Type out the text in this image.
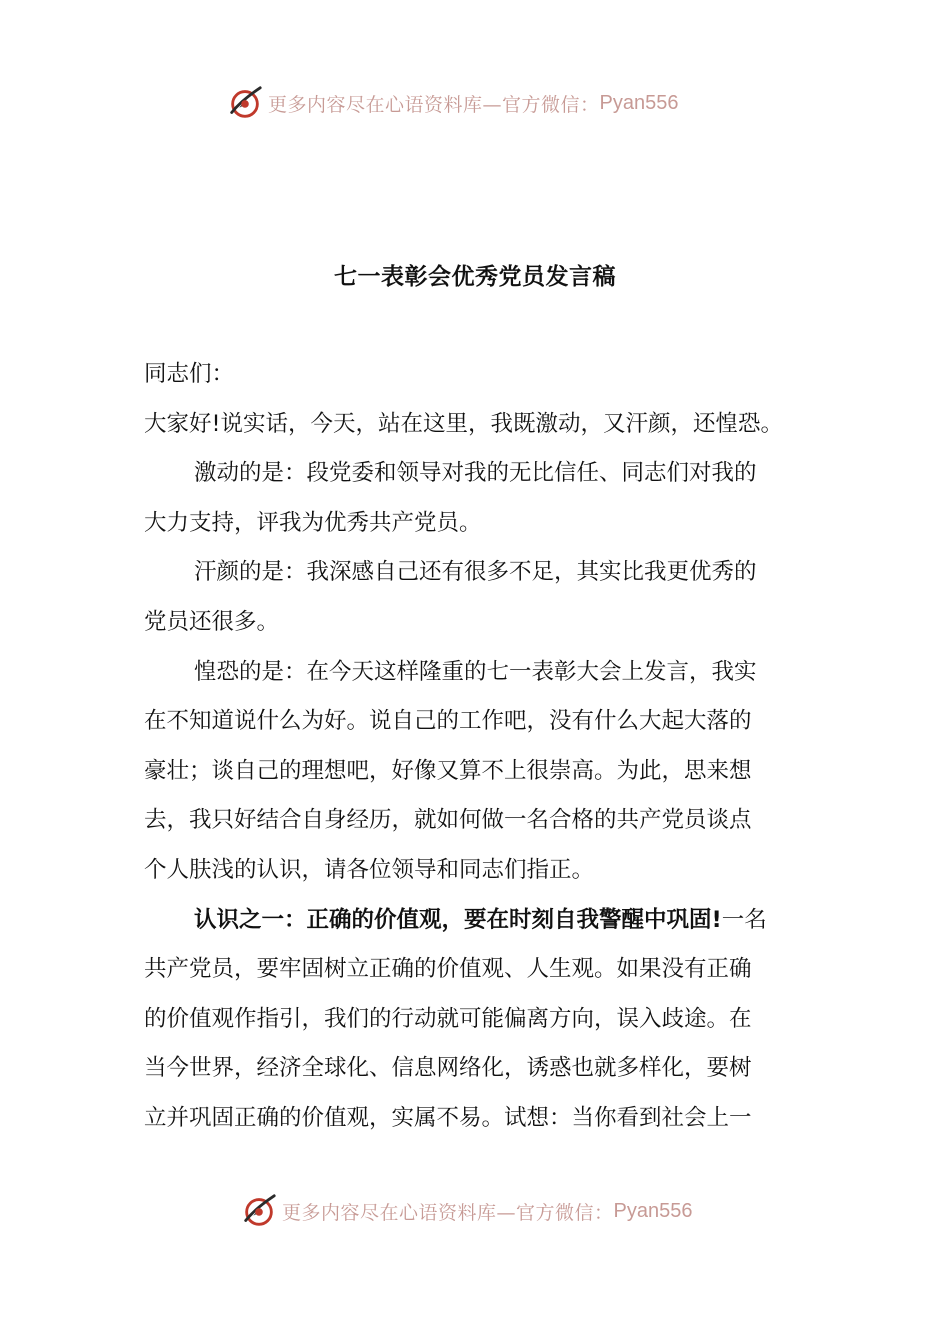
更多内容尽在心语资料库—官方微信： Pyan556
七一表彰会优秀党员发言稿
同志们：
大家好!说实话，今天，站在这里，我既激动，又汗颜，还惶恐。
激动的是：段党委和领导对我的无比信任、同志们对我的
大力支持，评我为优秀共产党员。
汗颜的是：我深感自己还有很多不足，其实比我更优秀的
党员还很多。
惶恐的是：在今天这样隆重的七一表彰大会上发言，我实
在不知道说什么为好。说自己的工作吧，没有什么大起大落的
豪壮；谈自己的理想吧，好像又算不上很崇高。为此，思来想
去，我只好结合自身经历，就如何做一名合格的共产党员谈点
个人肤浅的认识，请各位领导和同志们指正。
认识之一：正确的价值观，要在时刻自我警醒中巩固!一名
共产党员，要牢固树立正确的价值观、人生观。如果没有正确
的价值观作指引，我们的行动就可能偏离方向，误入歧途。在
当今世界，经济全球化、信息网络化，诱惑也就多样化，要树
立并巩固正确的价值观，实属不易。试想：当你看到社会上一
更多内容尽在心语资料库—官方微信： Pyan556
